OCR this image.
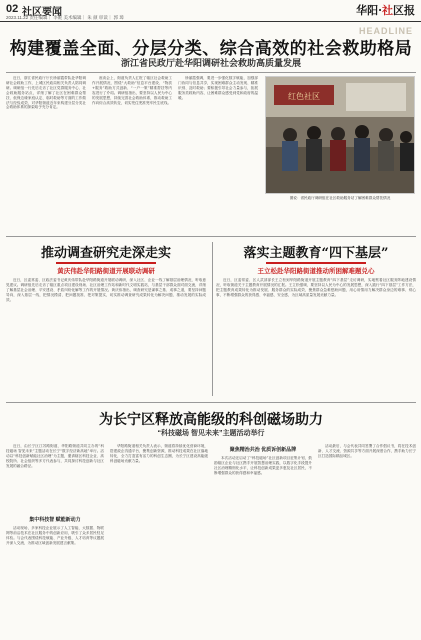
02 社区要闻
2023.11.22 责任编辑｜ 李妮 美术编辑｜ 朱 颜 审读｜ 郭 璋
华阳·社区报
HEADLINE
构建覆盖全面、分层分类、综合高效的社会救助格局
浙江省民政厅赴华阳调研社会救助高质量发展

近日，浙江省民政厅厅长徐丽霞带队赴华阳调研社会救助工作，上城区民政局相关负责人陪同调研。调研组一行先后走访了社区党群服务中心、社会救助服务站点，详细了解了社区在困难群众帮扶、低保边缘家庭认定、临时救助等方面的工作做法与经验成效，对华阳街道近年来构建分层分类社会救助体系的探索给予充分肯定。

座谈会上，街道负责人汇报了辖区社会救助工作开展情况，围绕“大救助”信息平台建设、“物质+服务”救助方式创新、“一户一策”精准帮扶等内容进行了介绍。调研组指出，要坚持以人民为中心的发展思想，持续完善社会救助体系，推动救助工作向综合高效转变，切实兜住兜准兜牢民生底线。

徐丽霞强调，要进一步强化数字赋能，加强部门协同与信息共享，实现困难群众主动发现、精准识别、及时救助；要积极引导社会力量参与，拓展服务类救助内容，让困难群众感受到党和政府的温暖。	红色社区
图说：省民政厅调研组在社区救助服务站了解困难群众帮扶情况
推动调查研究走深走实
黄庆伟赴华阳路街道开展联动调研

近日，区委常委、区政法委书记黄庆伟带队赴华阳路街道开展联动调研，深入社区、企业一线了解基层治理情况，听取意见建议。调研组先后走访了辖区重点项目建设现场、社区治理工作站和新时代文明实践站，与基层干部群众面对面交流，详细了解基层社会治理、平安建设、矛盾纠纷化解等工作的开展情况。黄庆伟指出，调查研究是谋事之基、成事之道，要坚持问题导向，深入基层一线，把情况摸清、把问题找准、把对策提实，切实推动调查研究成果转化为解决问题、推动发展的实际成效。

落实主题教育“四下基层”
王立松赴华阳路街道推动所困解难题兑心

近日，区委常委、区人武部部长王立松到华阳路街道开展主题教育“四下基层”走访调研，实地察看社区服务阵地建设情况，听取街道关于主题教育开展情况的汇报。王立松强调，要坚持以人民为中心的发展思想，深入践行“四下基层”工作方法，把主题教育成果转化为推动发展、服务群众的实际成效，聚焦群众急难愁盼问题，用心用情用力解决群众身边的难事、烦心事，不断增强群众的获得感、幸福感、安全感，为区域高质量发展贡献力量。

为长宁区释放高能级的科创磁场助力
“科技磁场 智见未来”主题活动举行

近日，由长宁区江苏路街道、华阳路街道共同主办的“科技磁场 智见未来”主题活动在长宁“数字经济新高地”举行。活动以“科技创新赋能社区治理”为主题，邀请辖区科技企业、高校院所、社会组织等多方代表参与，共同探讨科技创新与社区发展的融合路径。

集中科技智 赋能新动力

活动现场，多家科技企业展示了人工智能、大数据、物联网等前沿技术在社区服务中的创新应用，吸引了众多居民驻足体验。与会代表围绕科技赋能、产业升级、人才培育等议题展开深入交流，为推动区域创新发展建言献策。

华阳路街道相关负责人表示，街道将持续优化营商环境，搭建政企沟通平台，聚集创新资源，推动科技成果在社区落地转化，全力打造富有活力的科创生态圈，为长宁区建设高能级科创磁场贡献力量。

聚焦精治共治 优质诉创新品牌

本次活动还启动了“科技磁场”社区创新项目征集计划，鼓励辖区企业与社区携手开展智慧治理实践，以数字化手段提升社区治理精细化水平，让科技创新成果更多惠及社区居民，不断增强群众的获得感和幸福感。

活动最后，与会代表共同签署了合作倡议书，将在技术创新、人才交流、资源共享等方面开展深度合作，携手助力长宁区打造国际精品城区。
